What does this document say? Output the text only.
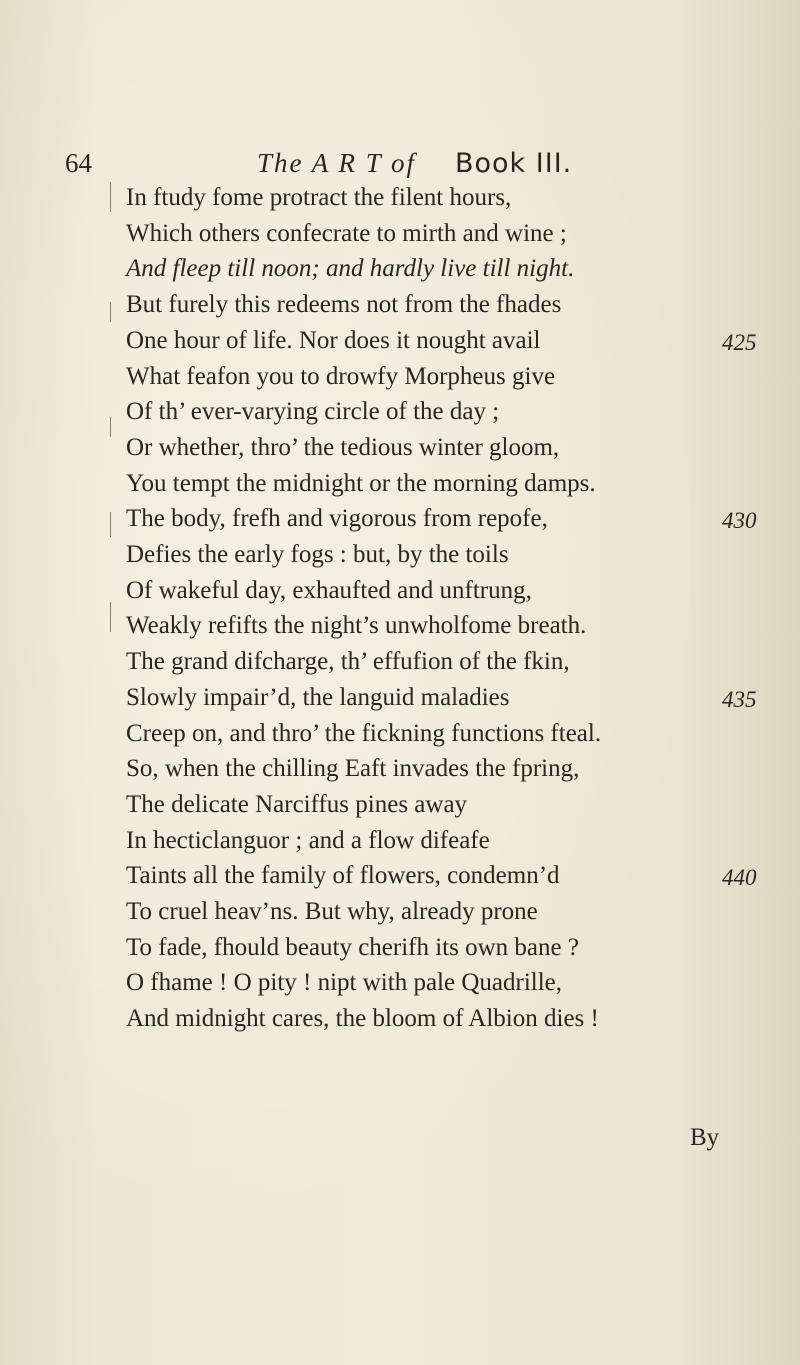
64	The A R T of Book III.
In ftudy fome protract the filent hours,
Which others confecrate to mirth and wine ;
And fleep till noon; and hardly live till night.
But furely this redeems not from the fhades
One hour of life. Nor does it nought avail
What feafon you to drowfy Morpheus give
Of th’ ever-varying circle of the day ;
Or whether, thro’ the tedious winter gloom,
You tempt the midnight or the morning damps.
The body, frefh and vigorous from repofe,
Defies the early fogs : but, by the toils
Of wakeful day, exhaufted and unftrung,
Weakly refifts the night’s unwholfome breath.
The grand difcharge, th’ effufion of the fkin,
Slowly impair’d, the languid maladies
Creep on, and thro’ the fickning functions fteal.
So, when the chilling Eaft invades the fpring,
The delicate Narciffus pines away
In hecticlanguor ; and a flow difeafe
Taints all the family of flowers, condemn’d
To cruel heav’ns. But why, already prone
To fade, fhould beauty cherifh its own bane ?
O fhame ! O pity ! nipt with pale Quadrille,
And midnight cares, the bloom of Albion dies !
425
430
435
440
By
